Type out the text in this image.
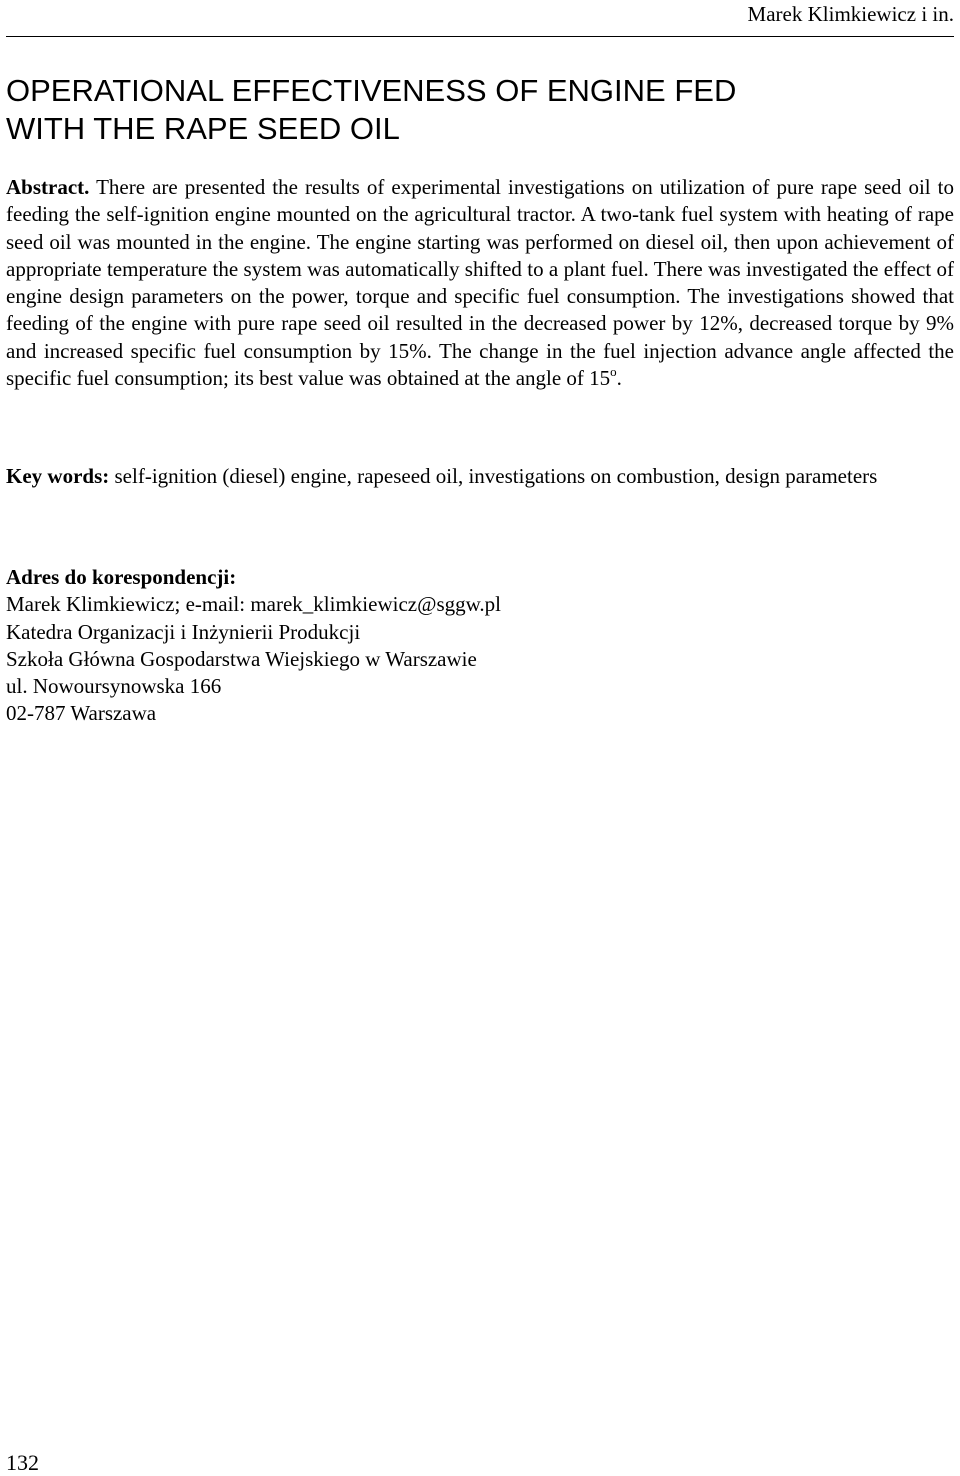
Marek Klimkiewicz i in.
OPERATIONAL EFFECTIVENESS OF ENGINE FED
WITH THE RAPE SEED OIL

Abstract. There are presented the results of experimental investigations on utilization of pure rape seed oil to feeding the self-ignition engine mounted on the agricultural tractor. A two-tank fuel system with heating of rape seed oil was mounted in the engine. The engine starting was performed on diesel oil, then upon achievement of appropriate temperature the system was automatically shifted to a plant fuel. There was investigated the effect of engine design parameters on the power, torque and specific fuel consumption. The investigations showed that feeding of the engine with pure rape seed oil resulted in the decreased power by 12%, decreased torque by 9% and increased specific fuel consumption by 15%. The change in the fuel injection advance angle affected the specific fuel consumption; its best value was obtained at the angle of 15$^o$.

Key words: self-ignition (diesel) engine, rapeseed oil, investigations on combustion, design parameters

Adres do korespondencji:
Marek Klimkiewicz; e-mail: marek_klimkiewicz@sggw.pl
Katedra Organizacji i Inżynierii Produkcji
Szkoła Główna Gospodarstwa Wiejskiego w Warszawie
ul. Nowoursynowska 166
02-787 Warszawa
132
